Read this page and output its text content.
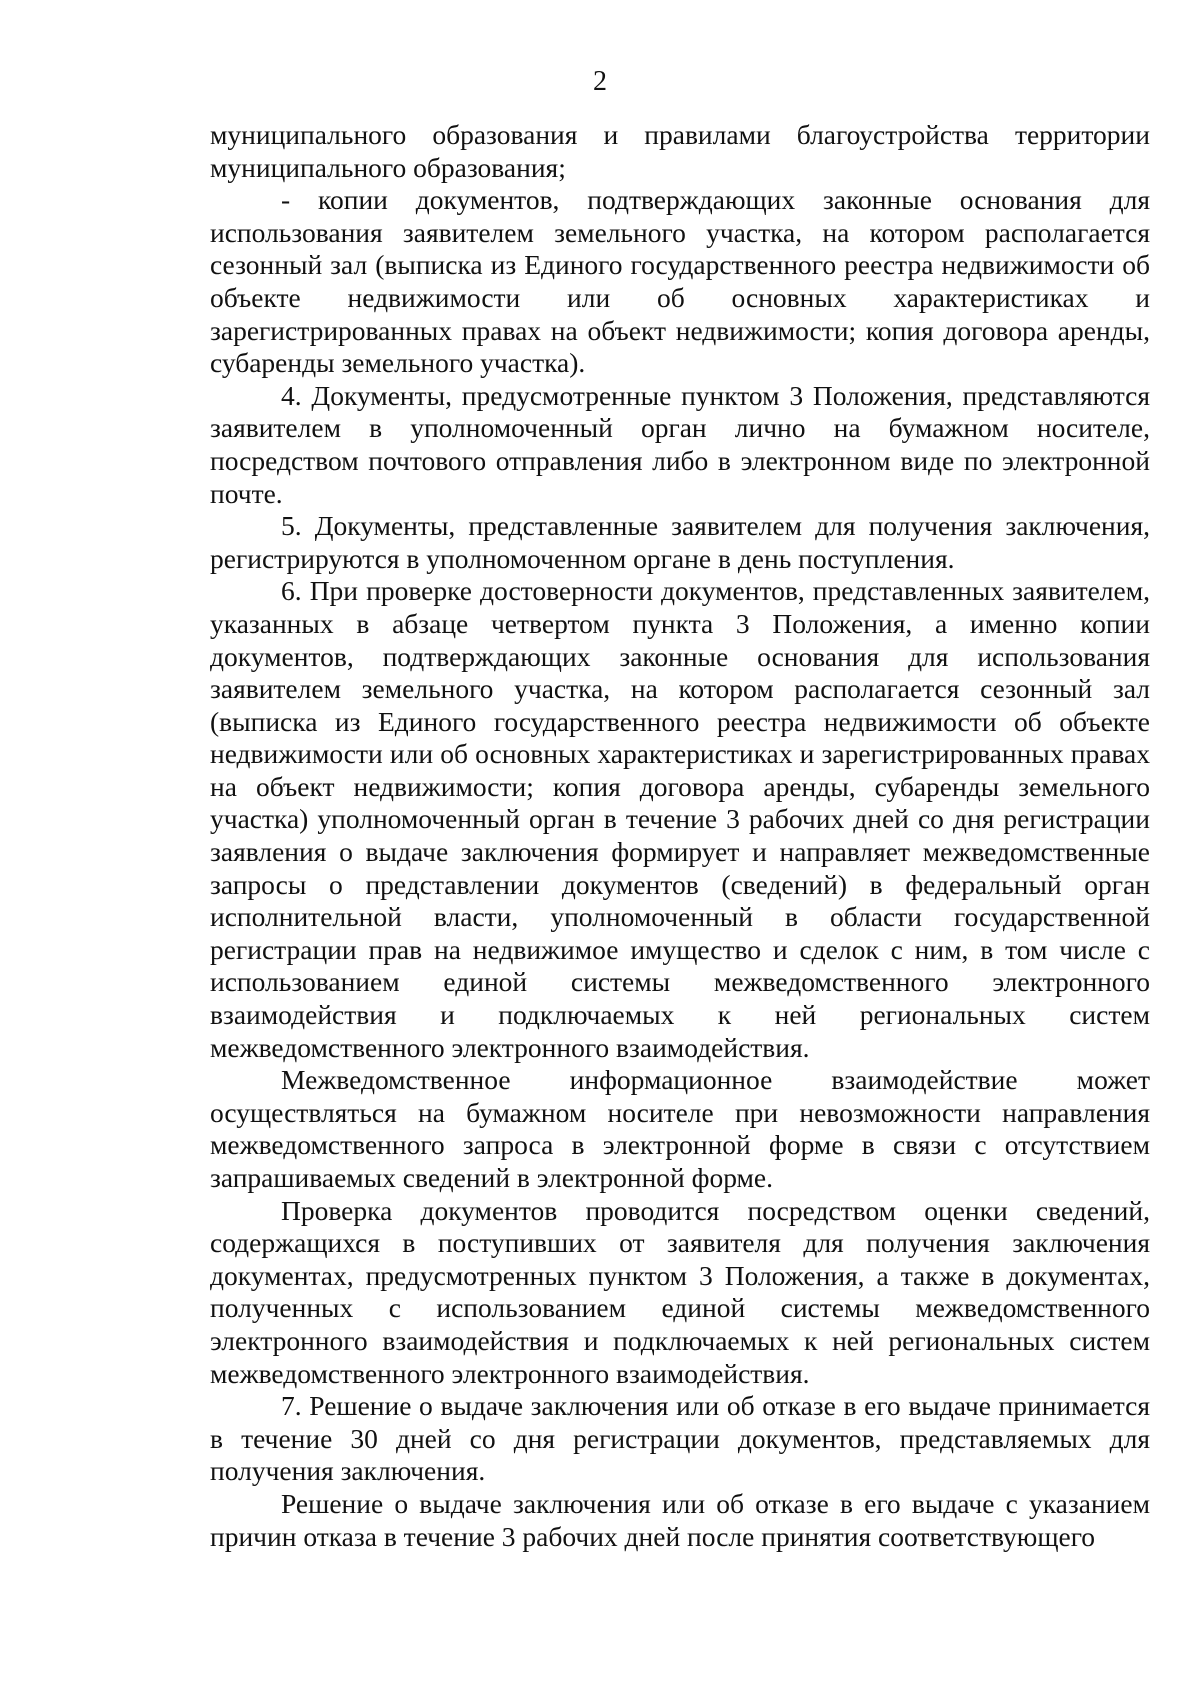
2

муниципального образования и правилами благоустройства территории муниципального образования;

- копии документов, подтверждающих законные основания для использования заявителем земельного участка, на котором располагается сезонный зал (выписка из Единого государственного реестра недвижимости об объекте недвижимости или об основных характеристиках и зарегистрированных правах на объект недвижимости; копия договора аренды, субаренды земельного участка).

4. Документы, предусмотренные пунктом 3 Положения, представляются заявителем в уполномоченный орган лично на бумажном носителе, посредством почтового отправления либо в электронном виде по электронной почте.

5. Документы, представленные заявителем для получения заключения, регистрируются в уполномоченном органе в день поступления.

6. При проверке достоверности документов, представленных заявителем, указанных в абзаце четвертом пункта 3 Положения, а именно копии документов, подтверждающих законные основания для использования заявителем земельного участка, на котором располагается сезонный зал (выписка из Единого государственного реестра недвижимости об объекте недвижимости или об основных характеристиках и зарегистрированных правах на объект недвижимости; копия договора аренды, субаренды земельного участка) уполномоченный орган в течение 3 рабочих дней со дня регистрации заявления о выдаче заключения формирует и направляет межведомственные запросы о представлении документов (сведений) в федеральный орган исполнительной власти, уполномоченный в области государственной регистрации прав на недвижимое имущество и сделок с ним, в том числе с использованием единой системы межведомственного электронного взаимодействия и подключаемых к ней региональных систем межведомственного электронного взаимодействия.

Межведомственное информационное взаимодействие может осуществляться на бумажном носителе при невозможности направления межведомственного запроса в электронной форме в связи с отсутствием запрашиваемых сведений в электронной форме.

Проверка документов проводится посредством оценки сведений, содержащихся в поступивших от заявителя для получения заключения документах, предусмотренных пунктом 3 Положения, а также в документах, полученных с использованием единой системы межведомственного электронного взаимодействия и подключаемых к ней региональных систем межведомственного электронного взаимодействия.

7. Решение о выдаче заключения или об отказе в его выдаче принимается в течение 30 дней со дня регистрации документов, представляемых для получения заключения.

Решение о выдаче заключения или об отказе в его выдаче с указанием причин отказа в течение 3 рабочих дней после принятия соответствующего
